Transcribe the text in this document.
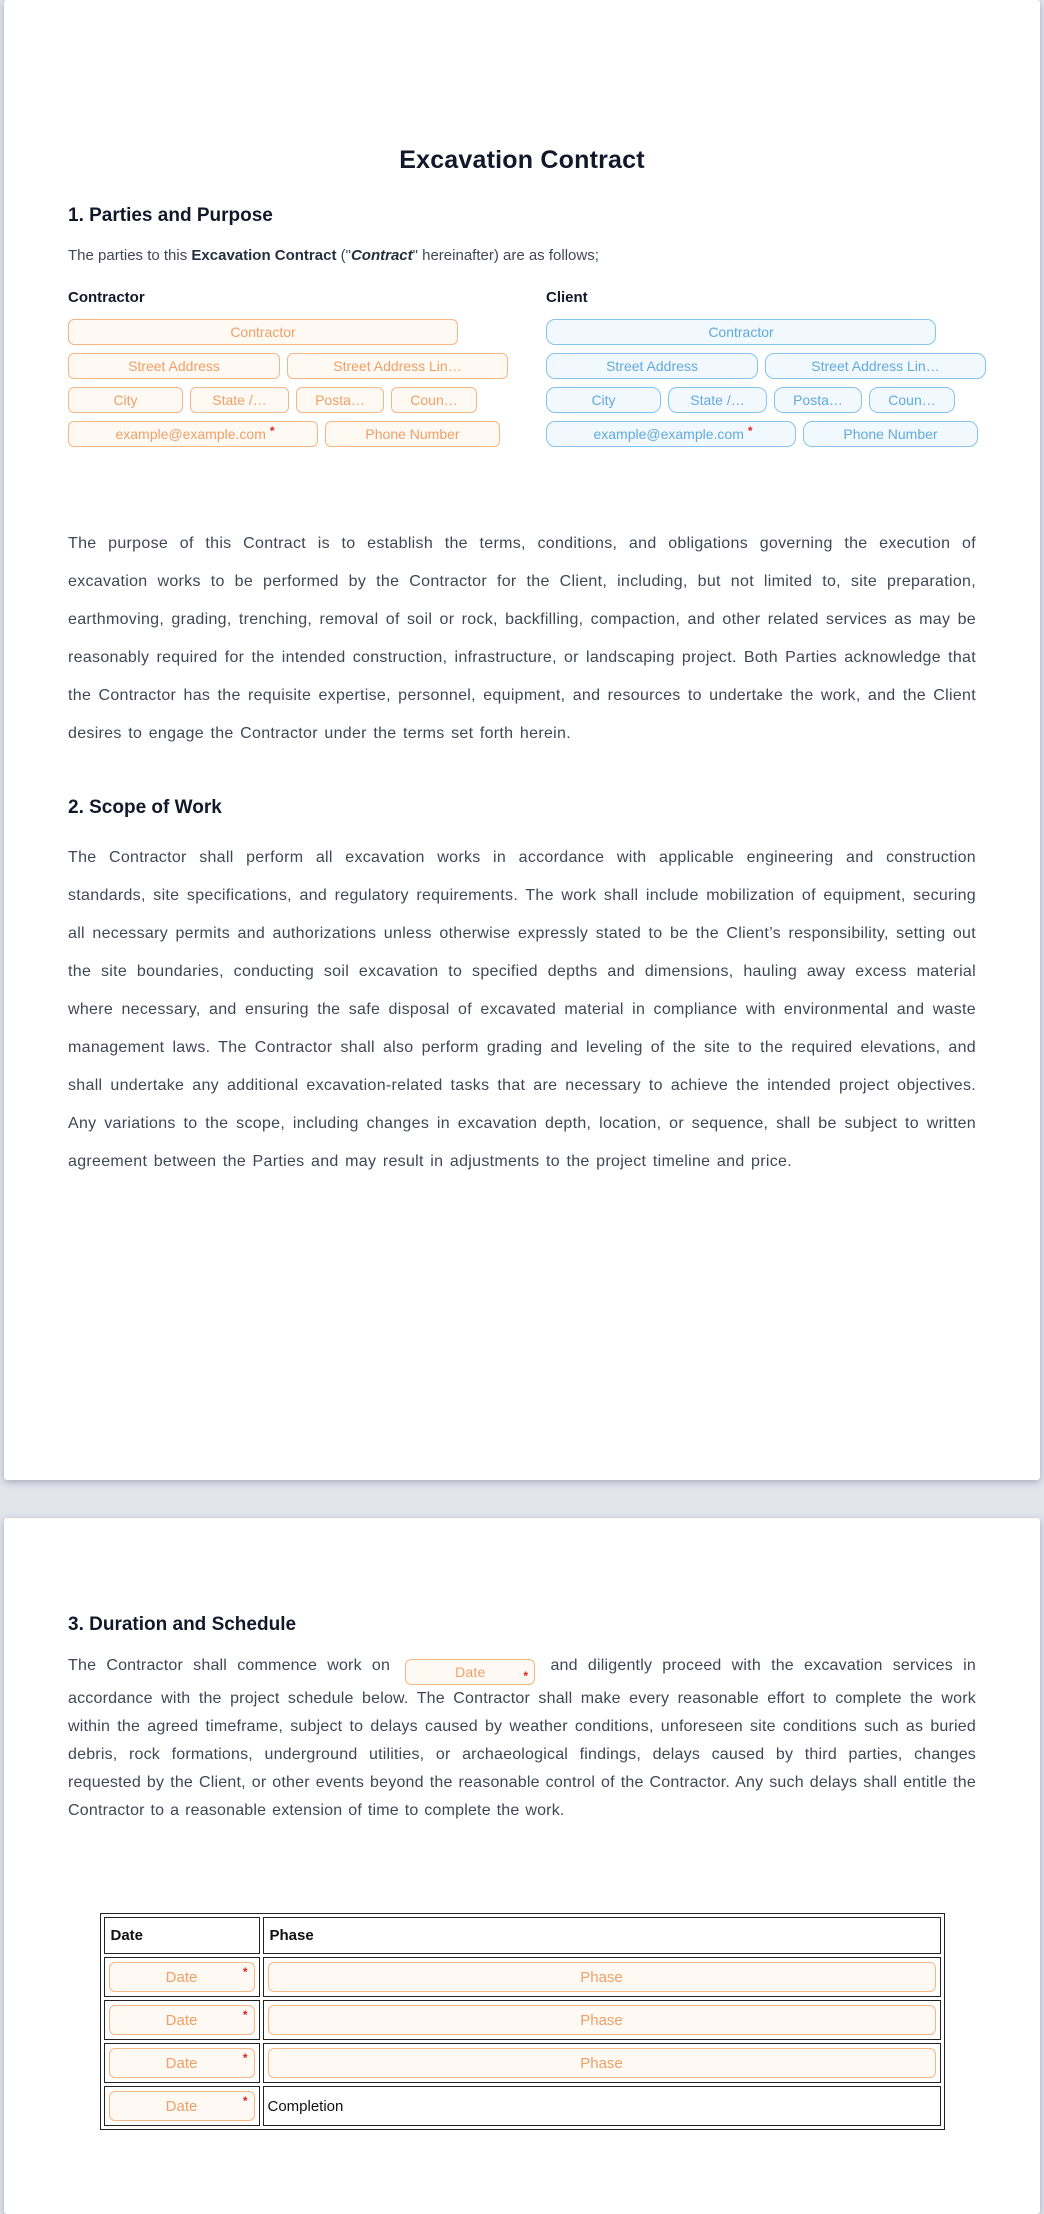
Excavation Contract
1. Parties and Purpose

The parties to this Excavation Contract ("Contract" hereinafter) are as follows;

Contractor
Contractor
Street Address	Street Address Lin…
City	State /…	Posta…	Coun…
example@example.com *	Phone Number
Client
Contractor
Street Address	Street Address Lin…
City	State /…	Posta…	Coun…
example@example.com *	Phone Number

The purpose of this Contract is to establish the terms, conditions, and obligations governing the execution of excavation works to be performed by the Contractor for the Client, including, but not limited to, site preparation, earthmoving, grading, trenching, removal of soil or rock, backfilling, compaction, and other related services as may be reasonably required for the intended construction, infrastructure, or landscaping project. Both Parties acknowledge that the Contractor has the requisite expertise, personnel, equipment, and resources to undertake the work, and the Client desires to engage the Contractor under the terms set forth herein.

2. Scope of Work

The Contractor shall perform all excavation works in accordance with applicable engineering and construction standards, site specifications, and regulatory requirements. The work shall include mobilization of equipment, securing all necessary permits and authorizations unless otherwise expressly stated to be the Client’s responsibility, setting out the site boundaries, conducting soil excavation to specified depths and dimensions, hauling away excess material where necessary, and ensuring the safe disposal of excavated material in compliance with environmental and waste management laws. The Contractor shall also perform grading and leveling of the site to the required elevations, and shall undertake any additional excavation-related tasks that are necessary to achieve the intended project objectives. Any variations to the scope, including changes in excavation depth, location, or sequence, shall be subject to written agreement between the Parties and may result in adjustments to the project timeline and price.

3. Duration and Schedule

The Contractor shall commence work on	Date	*
and diligently proceed with the excavation services in accordance with the project schedule below. The Contractor shall make every reasonable effort to complete the work within the agreed timeframe, subject to delays caused by weather conditions, unforeseen site conditions such as buried debris, rock formations, underground utilities, or archaeological findings, delays caused by third parties, changes requested by the Client, or other events beyond the reasonable control of the Contractor. Any such delays shall entitle the Contractor to a reasonable extension of time to complete the work.

Date	Phase

Date *	Phase

Date *	Phase

Date *	Phase

Date *	Completion
